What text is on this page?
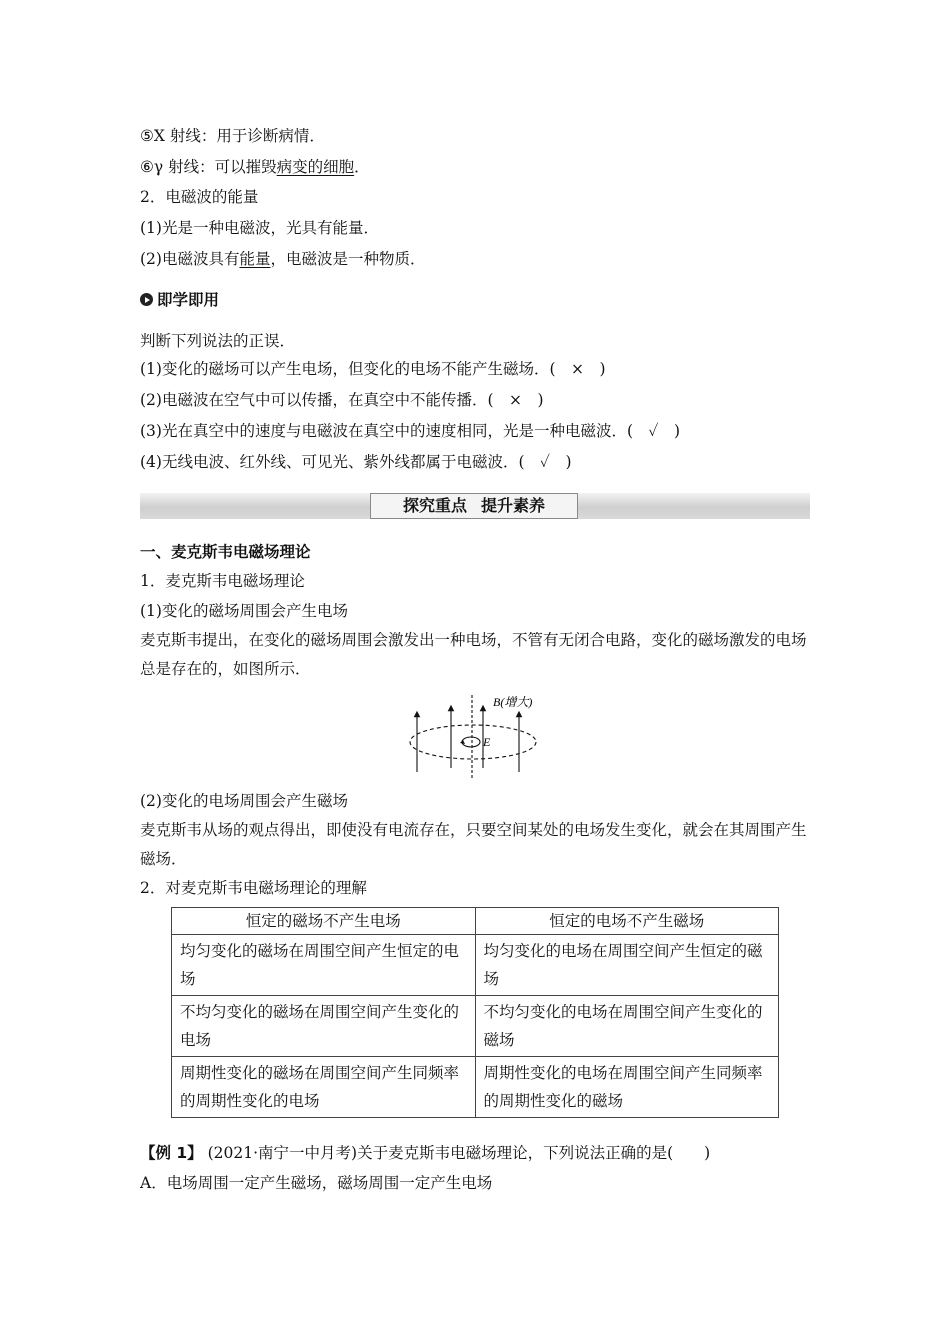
⑤X 射线：用于诊断病情．
⑥γ 射线：可以摧毁病变的细胞．
2．电磁波的能量
(1)光是一种电磁波，光具有能量．
(2)电磁波具有能量，电磁波是一种物质．
即学即用
判断下列说法的正误．
(1)变化的磁场可以产生电场，但变化的电场不能产生磁场．(　×　)
(2)电磁波在空气中可以传播，在真空中不能传播．(　×　)
(3)光在真空中的速度与电磁波在真空中的速度相同，光是一种电磁波．(　✓　)
(4)无线电波、红外线、可见光、紫外线都属于电磁波．(　✓　)
探究重点 提升素养
一、麦克斯韦电磁场理论
1．麦克斯韦电磁场理论
(1)变化的磁场周围会产生电场
麦克斯韦提出，在变化的磁场周围会激发出一种电场，不管有无闭合电路，变化的磁场激发的电场总是存在的，如图所示．
B(增大)
E
(2)变化的电场周围会产生磁场
麦克斯韦从场的观点得出，即使没有电流存在，只要空间某处的电场发生变化，就会在其周围产生磁场．
2．对麦克斯韦电磁场理论的理解
恒定的磁场不产生电场	恒定的电场不产生磁场
均匀变化的磁场在周围空间产生恒定的电场	均匀变化的电场在周围空间产生恒定的磁场
不均匀变化的磁场在周围空间产生变化的电场	不均匀变化的电场在周围空间产生变化的磁场
周期性变化的磁场在周围空间产生同频率的周期性变化的电场	周期性变化的电场在周围空间产生同频率的周期性变化的磁场
【例 1】 (2021·南宁一中月考)关于麦克斯韦电磁场理论，下列说法正确的是(　　)
A．电场周围一定产生磁场，磁场周围一定产生电场
